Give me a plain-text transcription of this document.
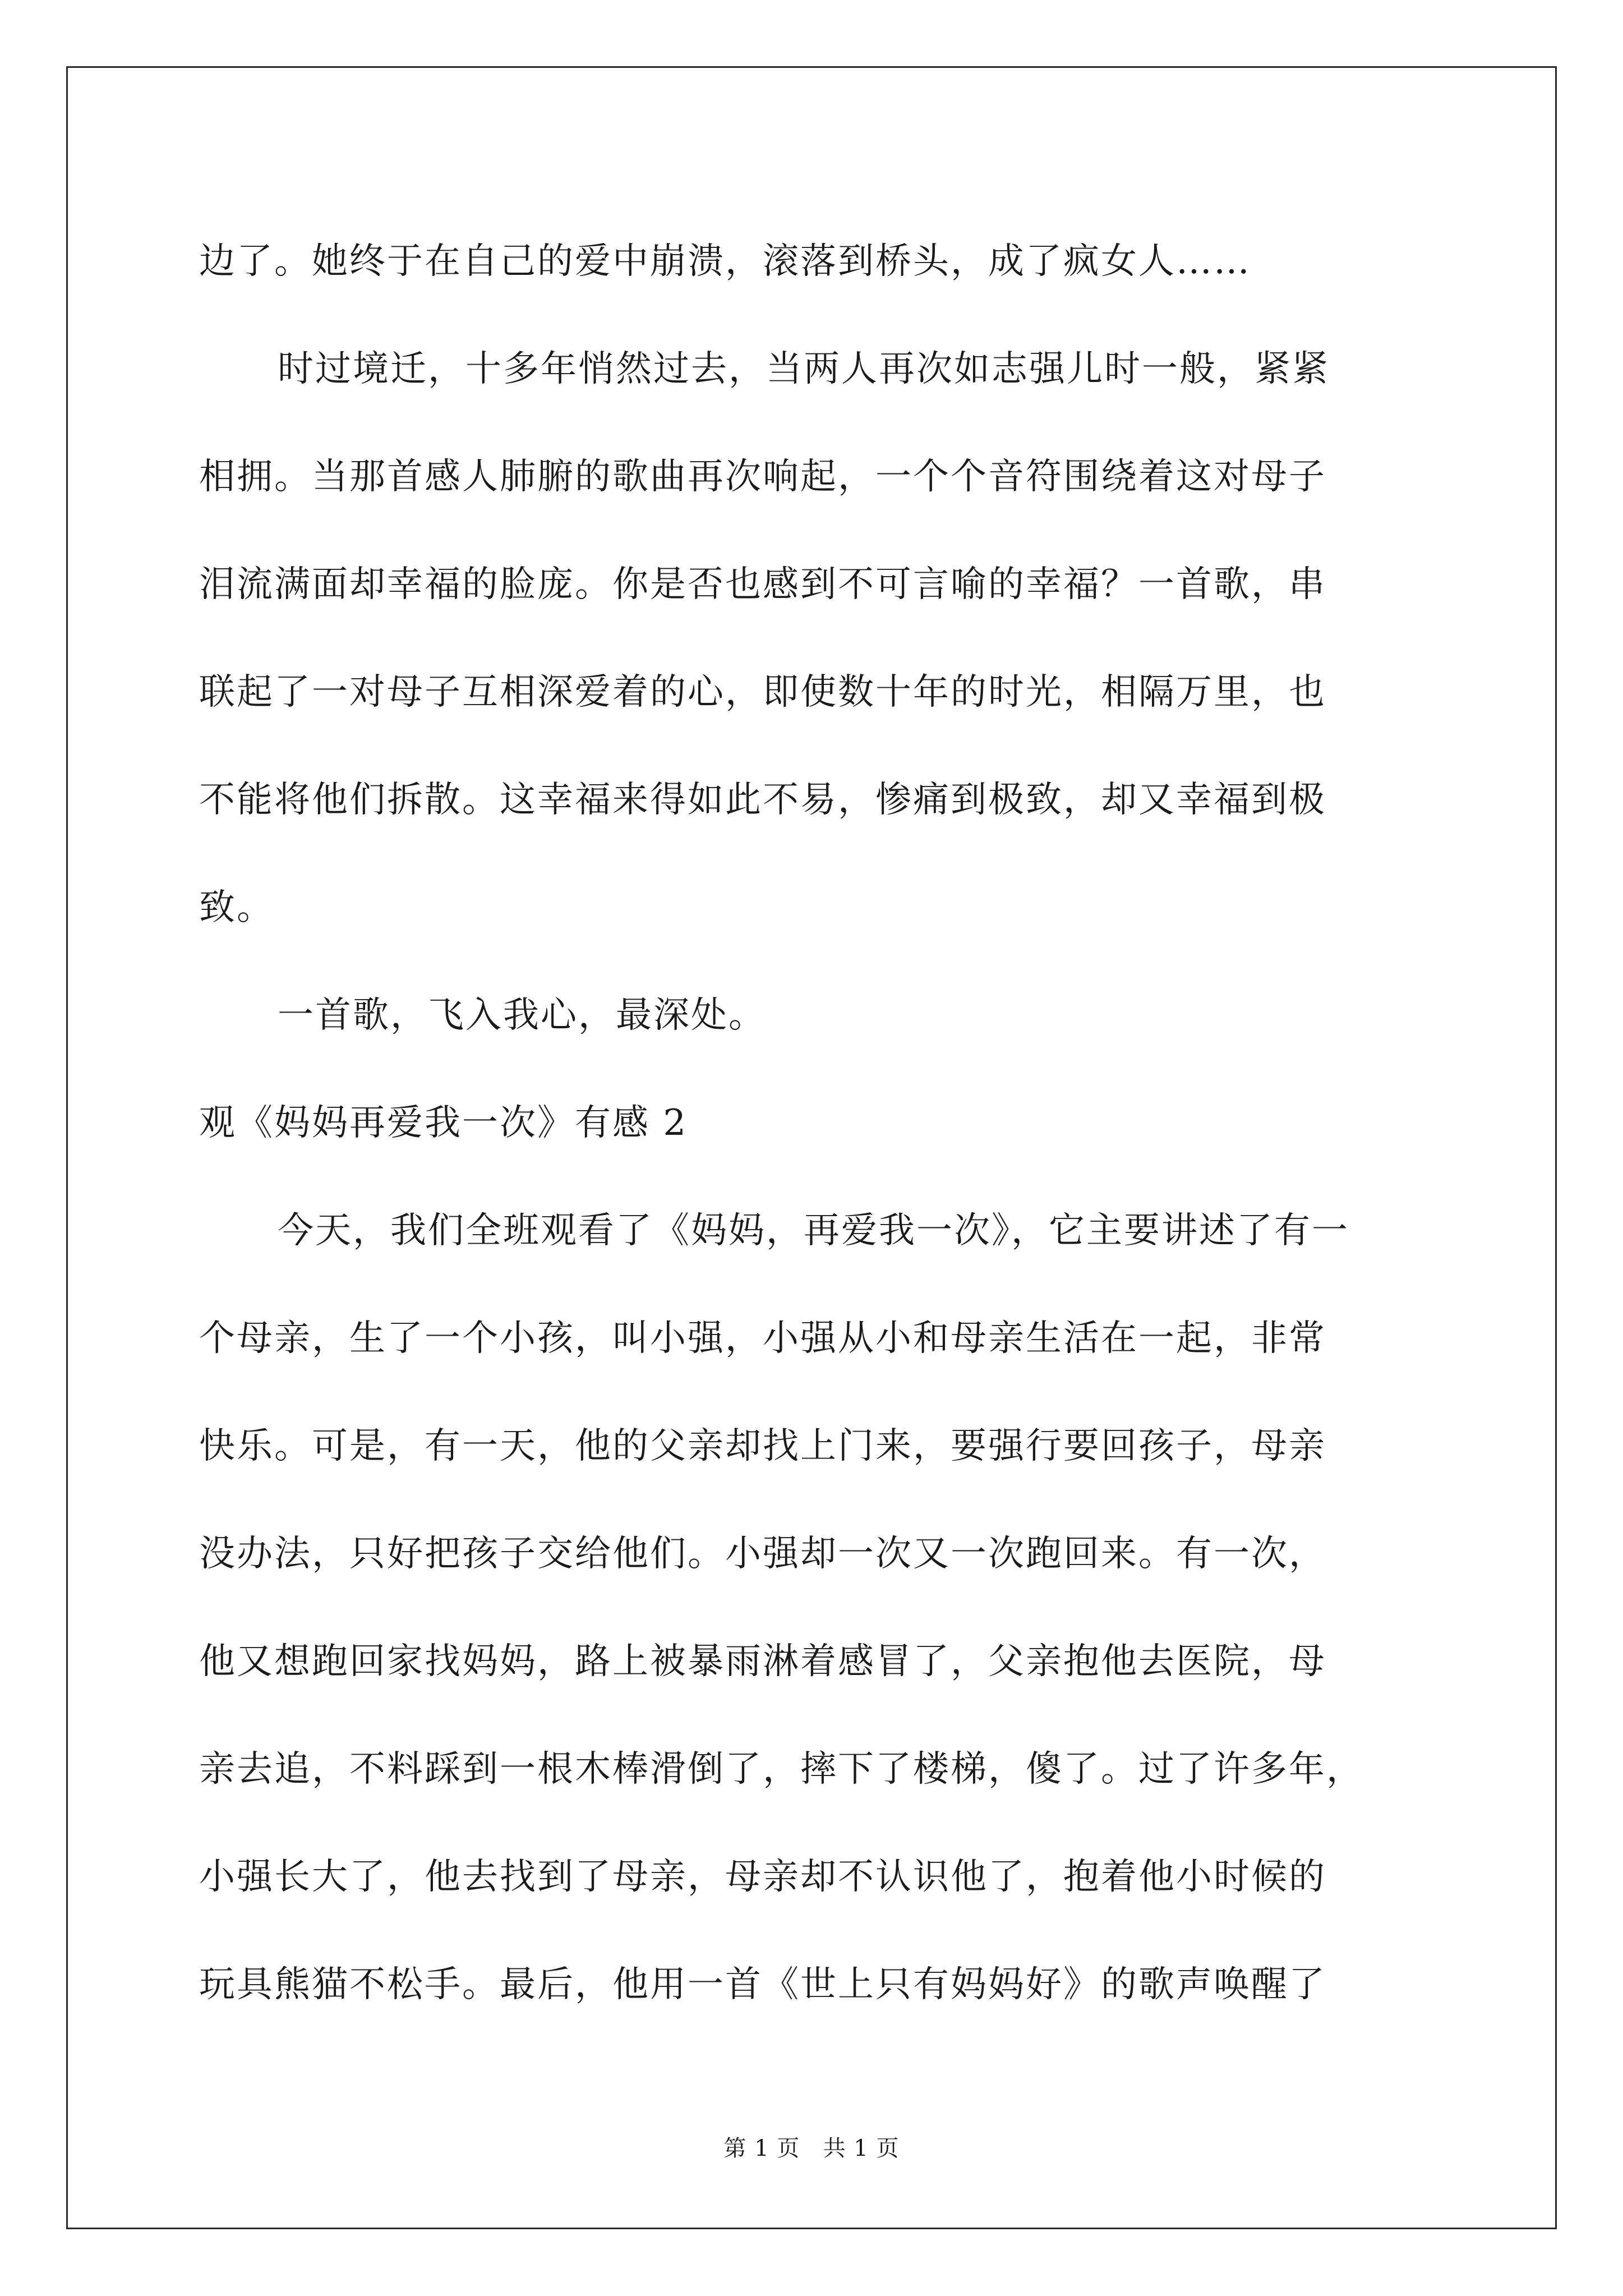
边了。她终于在自己的爱中崩溃，滚落到桥头，成了疯女人……
时过境迁，十多年悄然过去，当两人再次如志强儿时一般，紧紧
相拥。当那首感人肺腑的歌曲再次响起，一个个音符围绕着这对母子
泪流满面却幸福的脸庞。你是否也感到不可言喻的幸福？一首歌，串
联起了一对母子互相深爱着的心，即使数十年的时光，相隔万里，也
不能将他们拆散。这幸福来得如此不易，惨痛到极致，却又幸福到极
致。
一首歌，飞入我心，最深处。
观《妈妈再爱我一次》有感 2
今天，我们全班观看了《妈妈，再爱我一次》，它主要讲述了有一
个母亲，生了一个小孩，叫小强，小强从小和母亲生活在一起，非常
快乐。可是，有一天，他的父亲却找上门来，要强行要回孩子，母亲
没办法，只好把孩子交给他们。小强却一次又一次跑回来。有一次，
他又想跑回家找妈妈，路上被暴雨淋着感冒了，父亲抱他去医院，母
亲去追，不料踩到一根木棒滑倒了，摔下了楼梯，傻了。过了许多年，
小强长大了，他去找到了母亲，母亲却不认识他了，抱着他小时候的
玩具熊猫不松手。最后，他用一首《世上只有妈妈好》的歌声唤醒了
第 1 页   共 1 页
